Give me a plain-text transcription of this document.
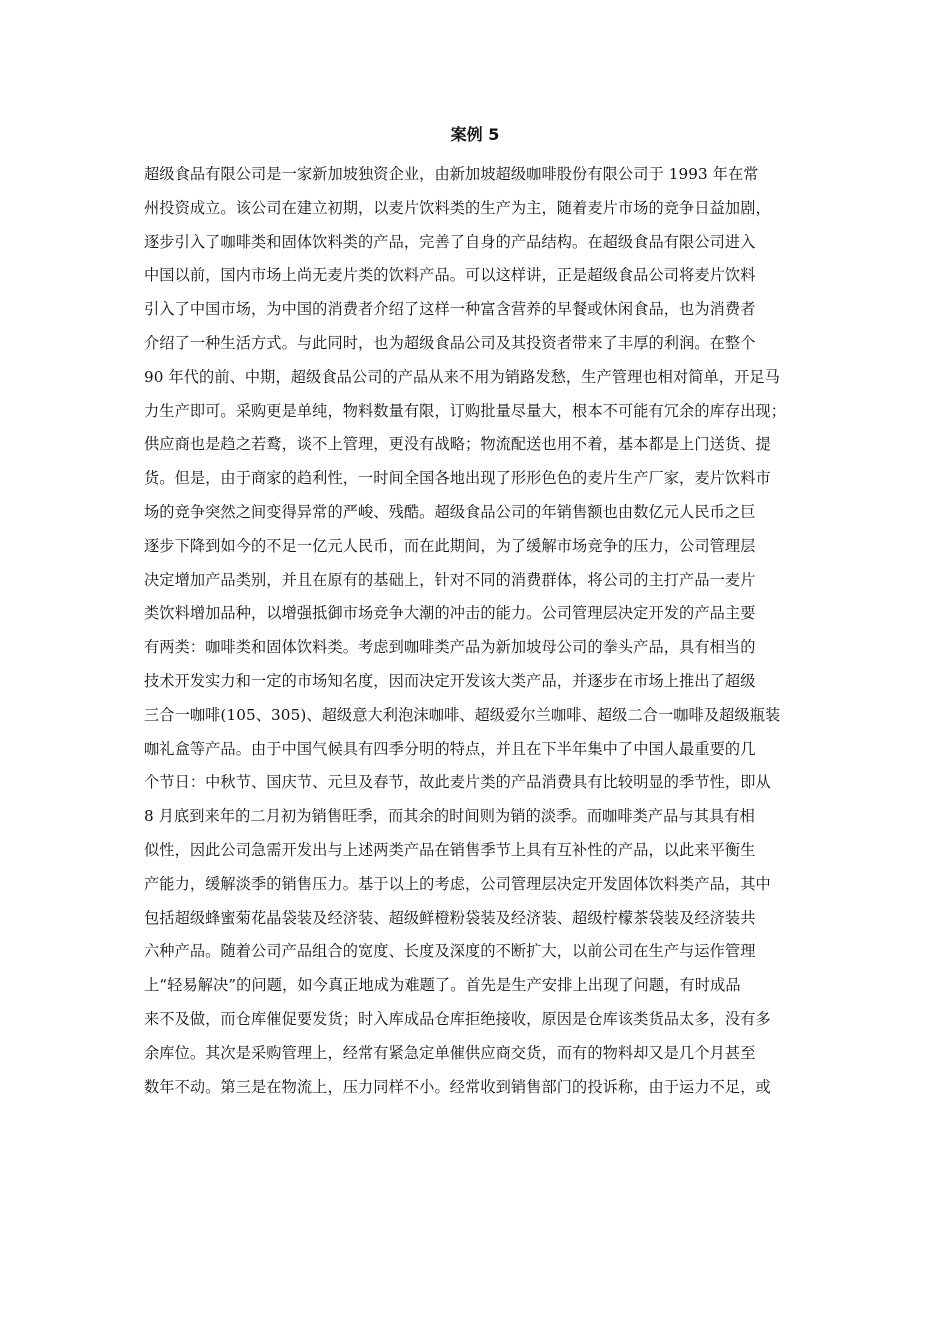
案例 5
超级食品有限公司是一家新加坡独资企业，由新加坡超级咖啡股份有限公司于 1993 年在常
州投资成立。该公司在建立初期，以麦片饮料类的生产为主，随着麦片市场的竞争日益加剧，
逐步引入了咖啡类和固体饮料类的产品，完善了自身的产品结构。在超级食品有限公司进入
中国以前，国内市场上尚无麦片类的饮料产品。可以这样讲，正是超级食品公司将麦片饮料
引入了中国市场，为中国的消费者介绍了这样一种富含营养的早餐或休闲食品，也为消费者
介绍了一种生活方式。与此同时，也为超级食品公司及其投资者带来了丰厚的利润。在整个
90 年代的前、中期，超级食品公司的产品从来不用为销路发愁，生产管理也相对简单，开足马
力生产即可。采购更是单纯，物料数量有限，订购批量尽量大，根本不可能有冗余的库存出现；
供应商也是趋之若鹜，谈不上管理，更没有战略；物流配送也用不着，基本都是上门送货、提
货。但是，由于商家的趋利性，一时间全国各地出现了形形色色的麦片生产厂家，麦片饮料市
场的竞争突然之间变得异常的严峻、残酷。超级食品公司的年销售额也由数亿元人民币之巨
逐步下降到如今的不足一亿元人民币，而在此期间，为了缓解市场竞争的压力，公司管理层
决定增加产品类别，并且在原有的基础上，针对不同的消费群体，将公司的主打产品一麦片
类饮料增加品种，以增强抵御市场竞争大潮的冲击的能力。公司管理层决定开发的产品主要
有两类：咖啡类和固体饮料类。考虑到咖啡类产品为新加坡母公司的拳头产品，具有相当的
技术开发实力和一定的市场知名度，因而决定开发该大类产品，并逐步在市场上推出了超级
三合一咖啡(105、305)、超级意大利泡沫咖啡、超级爱尔兰咖啡、超级二合一咖啡及超级瓶装
咖礼盒等产品。由于中国气候具有四季分明的特点，并且在下半年集中了中国人最重要的几
个节日：中秋节、国庆节、元旦及春节，故此麦片类的产品消费具有比较明显的季节性，即从
8 月底到来年的二月初为销售旺季，而其余的时间则为销的淡季。而咖啡类产品与其具有相
似性，因此公司急需开发出与上述两类产品在销售季节上具有互补性的产品，以此来平衡生
产能力，缓解淡季的销售压力。基于以上的考虑，公司管理层决定开发固体饮料类产品，其中
包括超级蜂蜜菊花晶袋装及经济装、超级鲜橙粉袋装及经济装、超级柠檬茶袋装及经济装共
六种产品。随着公司产品组合的宽度、长度及深度的不断扩大，以前公司在生产与运作管理
上“轻易解决”的问题，如今真正地成为难题了。首先是生产安排上出现了问题，有时成品
来不及做，而仓库催促要发货；时入库成品仓库拒绝接收，原因是仓库该类货品太多，没有多
余库位。其次是采购管理上，经常有紧急定单催供应商交货，而有的物料却又是几个月甚至
数年不动。第三是在物流上，压力同样不小。经常收到销售部门的投诉称，由于运力不足，或
